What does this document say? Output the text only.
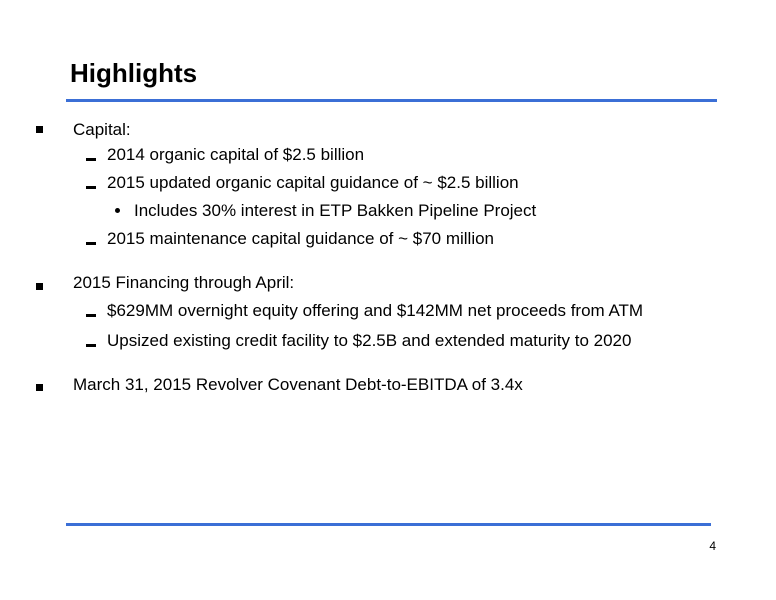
Highlights
Capital:
2014 organic capital of $2.5 billion
2015 updated organic capital guidance of ~ $2.5 billion
Includes 30% interest in ETP Bakken Pipeline Project
2015 maintenance capital guidance of ~ $70 million
2015 Financing through April:
$629MM overnight equity offering and $142MM net proceeds from ATM
Upsized existing credit facility to $2.5B and extended maturity to 2020
March 31, 2015 Revolver Covenant Debt-to-EBITDA of 3.4x
4
